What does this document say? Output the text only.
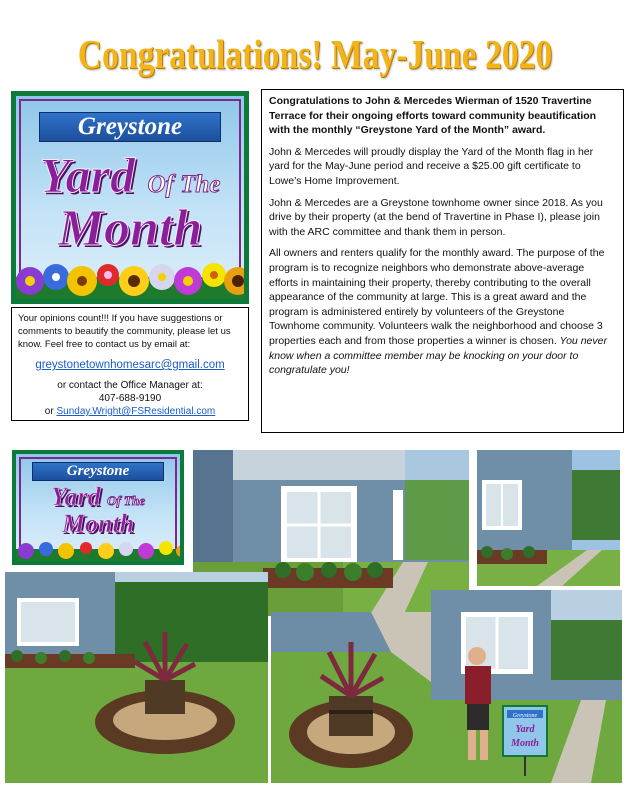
Congratulations! May-June 2020
Greystone
Yard Of The
Month
Your opinions count!!! If you have suggestions or comments to beautify the community, please let us know. Feel free to contact us by email at:
greystonetownhomesarc@gmail.com
or contact the Office Manager at:
407-688-9190
or Sunday.Wright@FSResidential.com

Congratulations to John & Mercedes Wierman of 1520 Travertine Terrace for their ongoing efforts toward community beautification with the monthly “Greystone Yard of the Month” award.

John & Mercedes will proudly display the Yard of the Month flag in her yard for the May-June period and receive a $25.00 gift certificate to Lowe’s Home Improvement.

John & Mercedes are a Greystone townhome owner since 2018. As you drive by their property (at the bend of Travertine in Phase I), please join with the ARC committee and thank them in person.

All owners and renters qualify for the monthly award. The purpose of the program is to recognize neighbors who demonstrate above-average efforts in maintaining their property, thereby contributing to the overall appearance of the community at large. This is a great award and the program is administered entirely by volunteers of the Greystone Townhome community. Volunteers walk the neighborhood and choose 3 properties each and from those properties a winner is chosen. You never know when a committee member may be knocking on your door to congratulate you!

Greystone
Yard Of The
Month
Greystone
Yard
Month
